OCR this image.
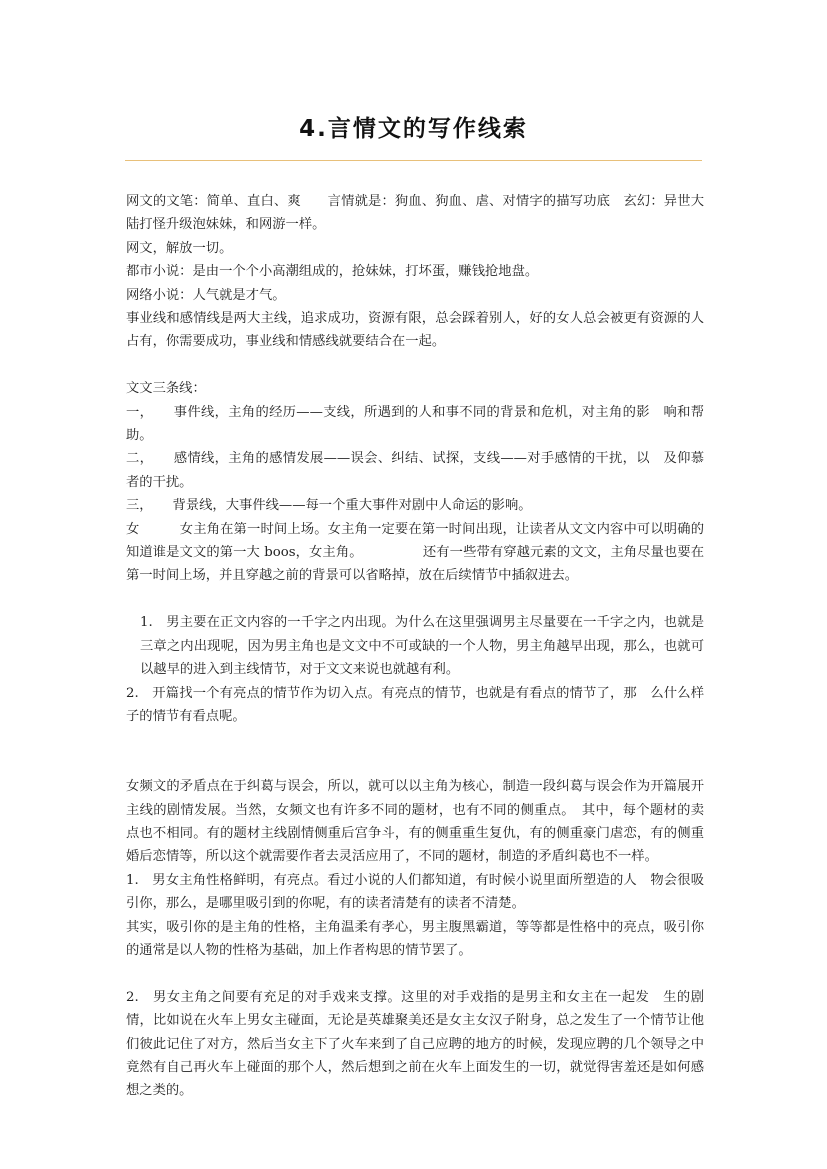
4.言情文的写作线索

网文的文笔：简单、直白、爽　　言情就是：狗血、狗血、虐、对情字的描写功底　玄幻：异世大陆打怪升级泡妹妹，和网游一样。

网文，解放一切。

都市小说：是由一个个小高潮组成的，抢妹妹，打坏蛋，赚钱抢地盘。

网络小说：人气就是才气。

事业线和感情线是两大主线，追求成功，资源有限，总会踩着别人，好的女人总会被更有资源的人占有，你需要成功，事业线和情感线就要结合在一起。

文文三条线：

一，　　事件线，主角的经历——支线，所遇到的人和事不同的背景和危机，对主角的影　响和帮助。

二，　　感情线，主角的感情发展——误会、纠结、试探，支线——对手感情的干扰，以　及仰慕者的干扰。

三，　　背景线，大事件线——每一个重大事件对剧中人命运的影响。

女　　　女主角在第一时间上场。女主角一定要在第一时间出现，让读者从文文内容中可以明确的知道谁是文文的第一大 boos，女主角。　　　　　还有一些带有穿越元素的文文，主角尽量也要在第一时间上场，并且穿越之前的背景可以省略掉，放在后续情节中插叙进去。

1.　男主要在正文内容的一千字之内出现。为什么在这里强调男主尽量要在一千字之内，也就是三章之内出现呢，因为男主角也是文文中不可或缺的一个人物，男主角越早出现，那么，也就可以越早的进入到主线情节，对于文文来说也就越有利。

2.　开篇找一个有亮点的情节作为切入点。有亮点的情节，也就是有看点的情节了，那　么什么样子的情节有看点呢。

女频文的矛盾点在于纠葛与误会，所以，就可以以主角为核心，制造一段纠葛与误会作为开篇展开主线的剧情发展。当然，女频文也有许多不同的题材，也有不同的侧重点。　其中，每个题材的卖点也不相同。有的题材主线剧情侧重后宫争斗，有的侧重重生复仇，有的侧重豪门虐恋，有的侧重婚后恋情等，所以这个就需要作者去灵活应用了，不同的题材，制造的矛盾纠葛也不一样。

1.　男女主角性格鲜明，有亮点。看过小说的人们都知道，有时候小说里面所塑造的人　物会很吸引你，那么，是哪里吸引到的你呢，有的读者清楚有的读者不清楚。

其实，吸引你的是主角的性格，主角温柔有孝心，男主腹黑霸道，等等都是性格中的亮点，吸引你的通常是以人物的性格为基础，加上作者构思的情节罢了。

2.　男女主角之间要有充足的对手戏来支撑。这里的对手戏指的是男主和女主在一起发　生的剧情，比如说在火车上男女主碰面，无论是英雄聚美还是女主女汉子附身，总之发生了一个情节让他们彼此记住了对方，然后当女主下了火车来到了自己应聘的地方的时候，发现应聘的几个领导之中竟然有自己再火车上碰面的那个人，然后想到之前在火车上面发生的一切，就觉得害羞还是如何感想之类的。
